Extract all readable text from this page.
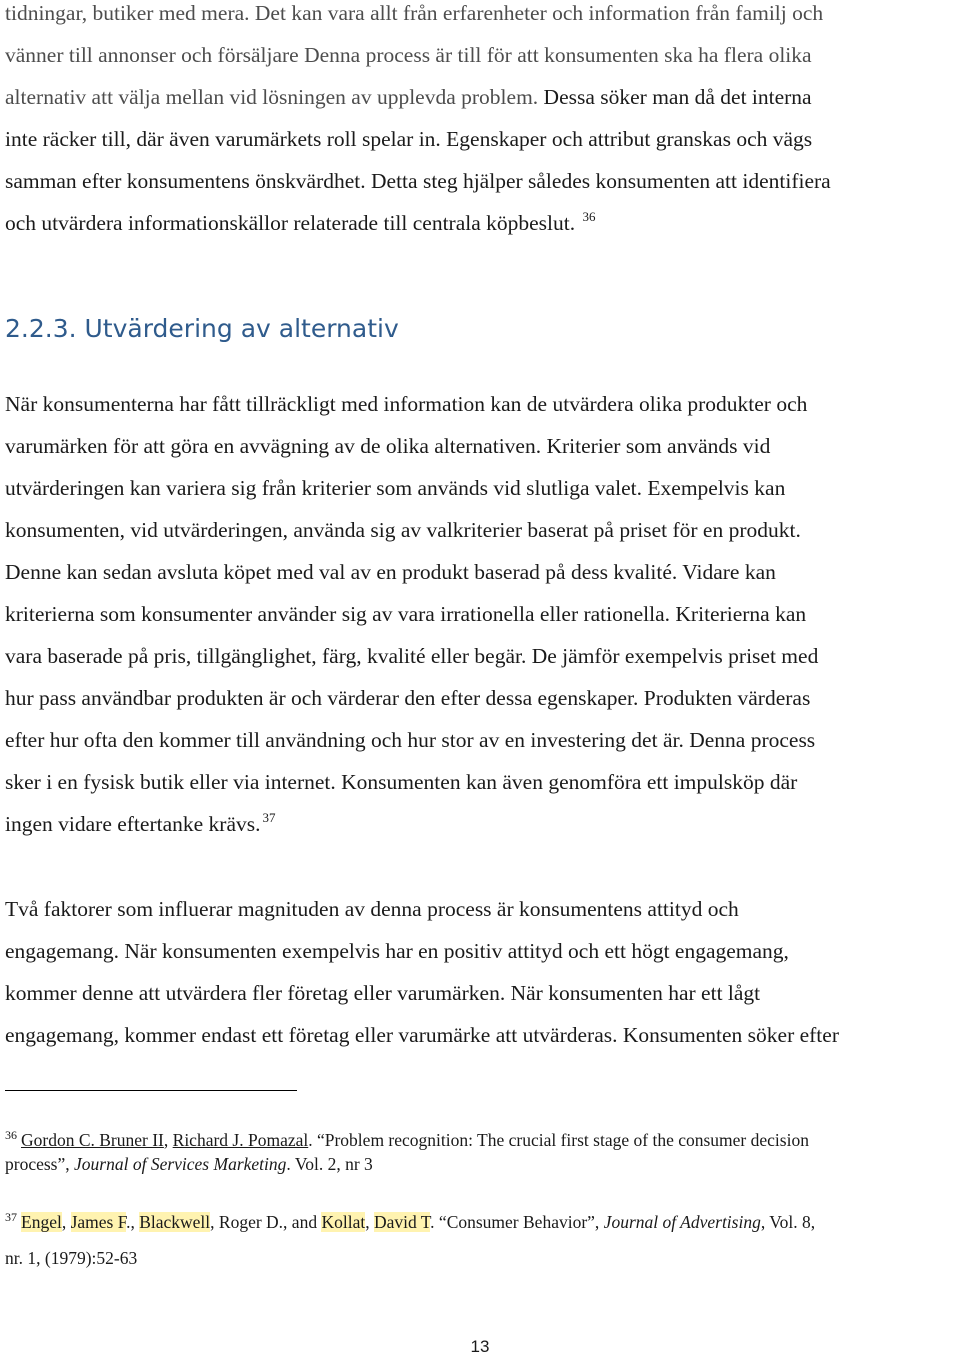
tidningar, butiker med mera. Det kan vara allt från erfarenheter och information från familj och
vänner till annonser och försäljare Denna process är till för att konsumenten ska ha flera olika
alternativ att välja mellan vid lösningen av upplevda problem. Dessa söker man då det interna
inte räcker till, där även varumärkets roll spelar in. Egenskaper och attribut granskas och vägs
samman efter konsumentens önskvärdhet. Detta steg hjälper således konsumenten att identifiera
och utvärdera informationskällor relaterade till centrala köpbeslut. $^{36}$
2.2.3. Utvärdering av alternativ
När konsumenterna har fått tillräckligt med information kan de utvärdera olika produkter och
varumärken för att göra en avvägning av de olika alternativen. Kriterier som används vid
utvärderingen kan variera sig från kriterier som används vid slutliga valet. Exempelvis kan
konsumenten, vid utvärderingen, använda sig av valkriterier baserat på priset för en produkt.
Denne kan sedan avsluta köpet med val av en produkt baserad på dess kvalité. Vidare kan
kriterierna som konsumenter använder sig av vara irrationella eller rationella. Kriterierna kan
vara baserade på pris, tillgänglighet, färg, kvalité eller begär. De jämför exempelvis priset med
hur pass användbar produkten är och värderar den efter dessa egenskaper. Produkten värderas
efter hur ofta den kommer till användning och hur stor av en investering det är. Denna process
sker i en fysisk butik eller via internet. Konsumenten kan även genomföra ett impulsköp där
ingen vidare eftertanke krävs. $^{37}$
Två faktorer som influerar magnituden av denna process är konsumentens attityd och
engagemang. När konsumenten exempelvis har en positiv attityd och ett högt engagemang,
kommer denne att utvärdera fler företag eller varumärken. När konsumenten har ett lågt
engagemang, kommer endast ett företag eller varumärke att utvärderas. Konsumenten söker efter
$^{36}$ Gordon C. Bruner II, Richard J. Pomazal. “Problem recognition: The crucial first stage of the consumer decision
process”, Journal of Services Marketing. Vol. 2, nr 3
$^{37}$ Engel, James F., Blackwell, Roger D., and Kollat, David T. “Consumer Behavior”, Journal of Advertising, Vol. 8,
nr. 1, (1979):52-63
13
